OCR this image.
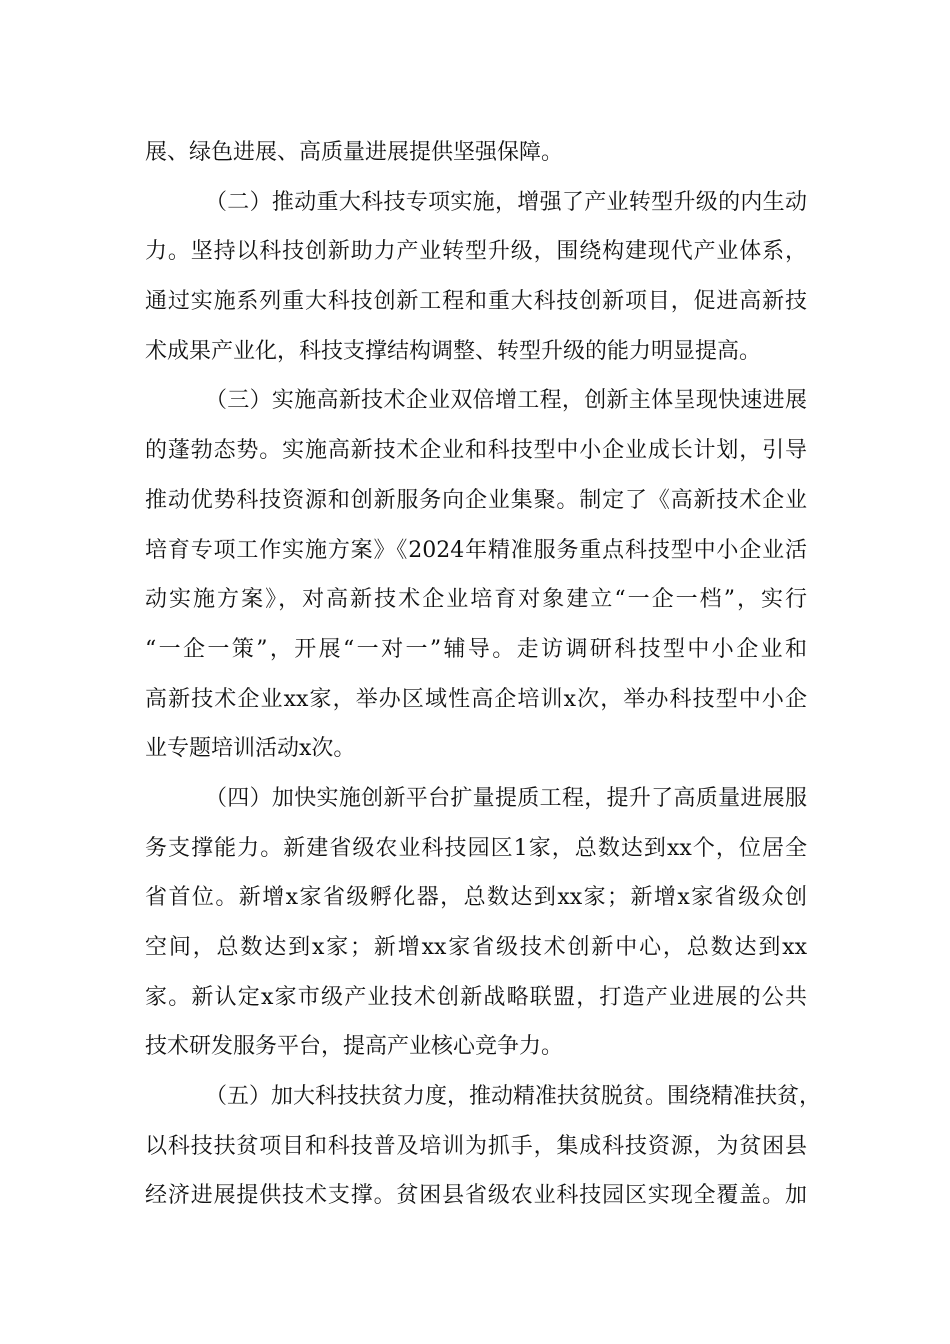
展、绿色进展、高质量进展提供坚强保障。
（二）推动重大科技专项实施，增强了产业转型升级的内生动
力。坚持以科技创新助力产业转型升级，围绕构建现代产业体系，
通过实施系列重大科技创新工程和重大科技创新项目，促进高新技
术成果产业化，科技支撑结构调整、转型升级的能力明显提高。
（三）实施高新技术企业双倍增工程，创新主体呈现快速进展
的蓬勃态势。实施高新技术企业和科技型中小企业成长计划，引导
推动优势科技资源和创新服务向企业集聚。制定了《高新技术企业
培育专项工作实施方案》《2024年精准服务重点科技型中小企业活
动实施方案》，对高新技术企业培育对象建立“一企一档”，实行
“一企一策”，开展“一对一”辅导。走访调研科技型中小企业和
高新技术企业xx家，举办区域性高企培训x次，举办科技型中小企
业专题培训活动x次。
（四）加快实施创新平台扩量提质工程，提升了高质量进展服
务支撑能力。新建省级农业科技园区1家，总数达到xx个，位居全
省首位。新增x家省级孵化器，总数达到xx家；新增x家省级众创
空间，总数达到x家；新增xx家省级技术创新中心，总数达到xx
家。新认定x家市级产业技术创新战略联盟，打造产业进展的公共
技术研发服务平台，提高产业核心竞争力。
（五）加大科技扶贫力度，推动精准扶贫脱贫。围绕精准扶贫，
以科技扶贫项目和科技普及培训为抓手，集成科技资源，为贫困县
经济进展提供技术支撑。贫困县省级农业科技园区实现全覆盖。加
